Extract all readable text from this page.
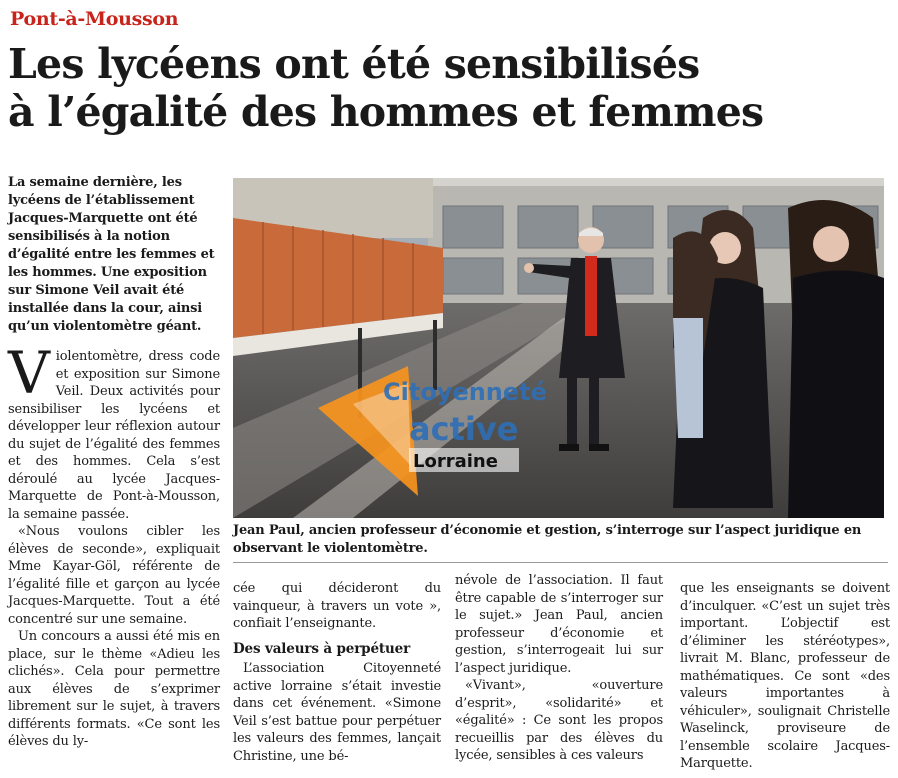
Pont-à-Mousson
Les lycéens ont été sensibilisés
à l’égalité des hommes et femmes

La semaine dernière, les lycéens de l’établissement Jacques-Marquette ont été sensibilisés à la notion d’égalité entre les femmes et les hommes. Une exposition sur Simone Veil avait été installée dans la cour, ainsi qu’un violentomètre géant.

Violentomètre, dress code et exposition sur Simone Veil. Deux activités pour sensibiliser les lycéens et développer leur réflexion autour du sujet de l’égalité des femmes et des hommes. Cela s’est déroulé au lycée Jacques-Marquette de Pont-à-Mousson, la semaine passée.

«Nous voulons cibler les élèves de seconde», expliquait Mme Kayar-Göl, référente de l’égalité fille et garçon au lycée Jacques-Marquette. Tout a été concentré sur une semaine.

Un concours a aussi été mis en place, sur le thème «Adieu les clichés». Cela pour permettre aux élèves de s’exprimer librement sur le sujet, à travers différents formats. «Ce sont les élèves du ly-

Citoyenneté
active
Lorraine

Jean Paul, ancien professeur d’économie et gestion, s’interroge sur l’aspect juridique en observant le violentomètre.

cée qui décideront du vainqueur, à travers un vote », confiait l’enseignante.

Des valeurs à perpétuer

L’association Citoyenneté active lorraine s’était investie dans cet événement. «Simone Veil s’est battue pour perpétuer les valeurs des femmes, lançait Christine, une bé-

névole de l’association. Il faut être capable de s’interroger sur le sujet.» Jean Paul, ancien professeur d’économie et gestion, s’interrogeait lui sur l’aspect juridique.

«Vivant», «ouverture d’esprit», «solidarité» et «égalité» : Ce sont les propos recueillis par des élèves du lycée, sensibles à ces valeurs

que les enseignants se doivent d’inculquer. «C’est un sujet très important. L’objectif est d’éliminer les stéréotypes», livrait M. Blanc, professeur de mathématiques. Ce sont «des valeurs importantes à véhiculer», soulignait Christelle Waselinck, proviseure de l’ensemble scolaire Jacques-Marquette.
